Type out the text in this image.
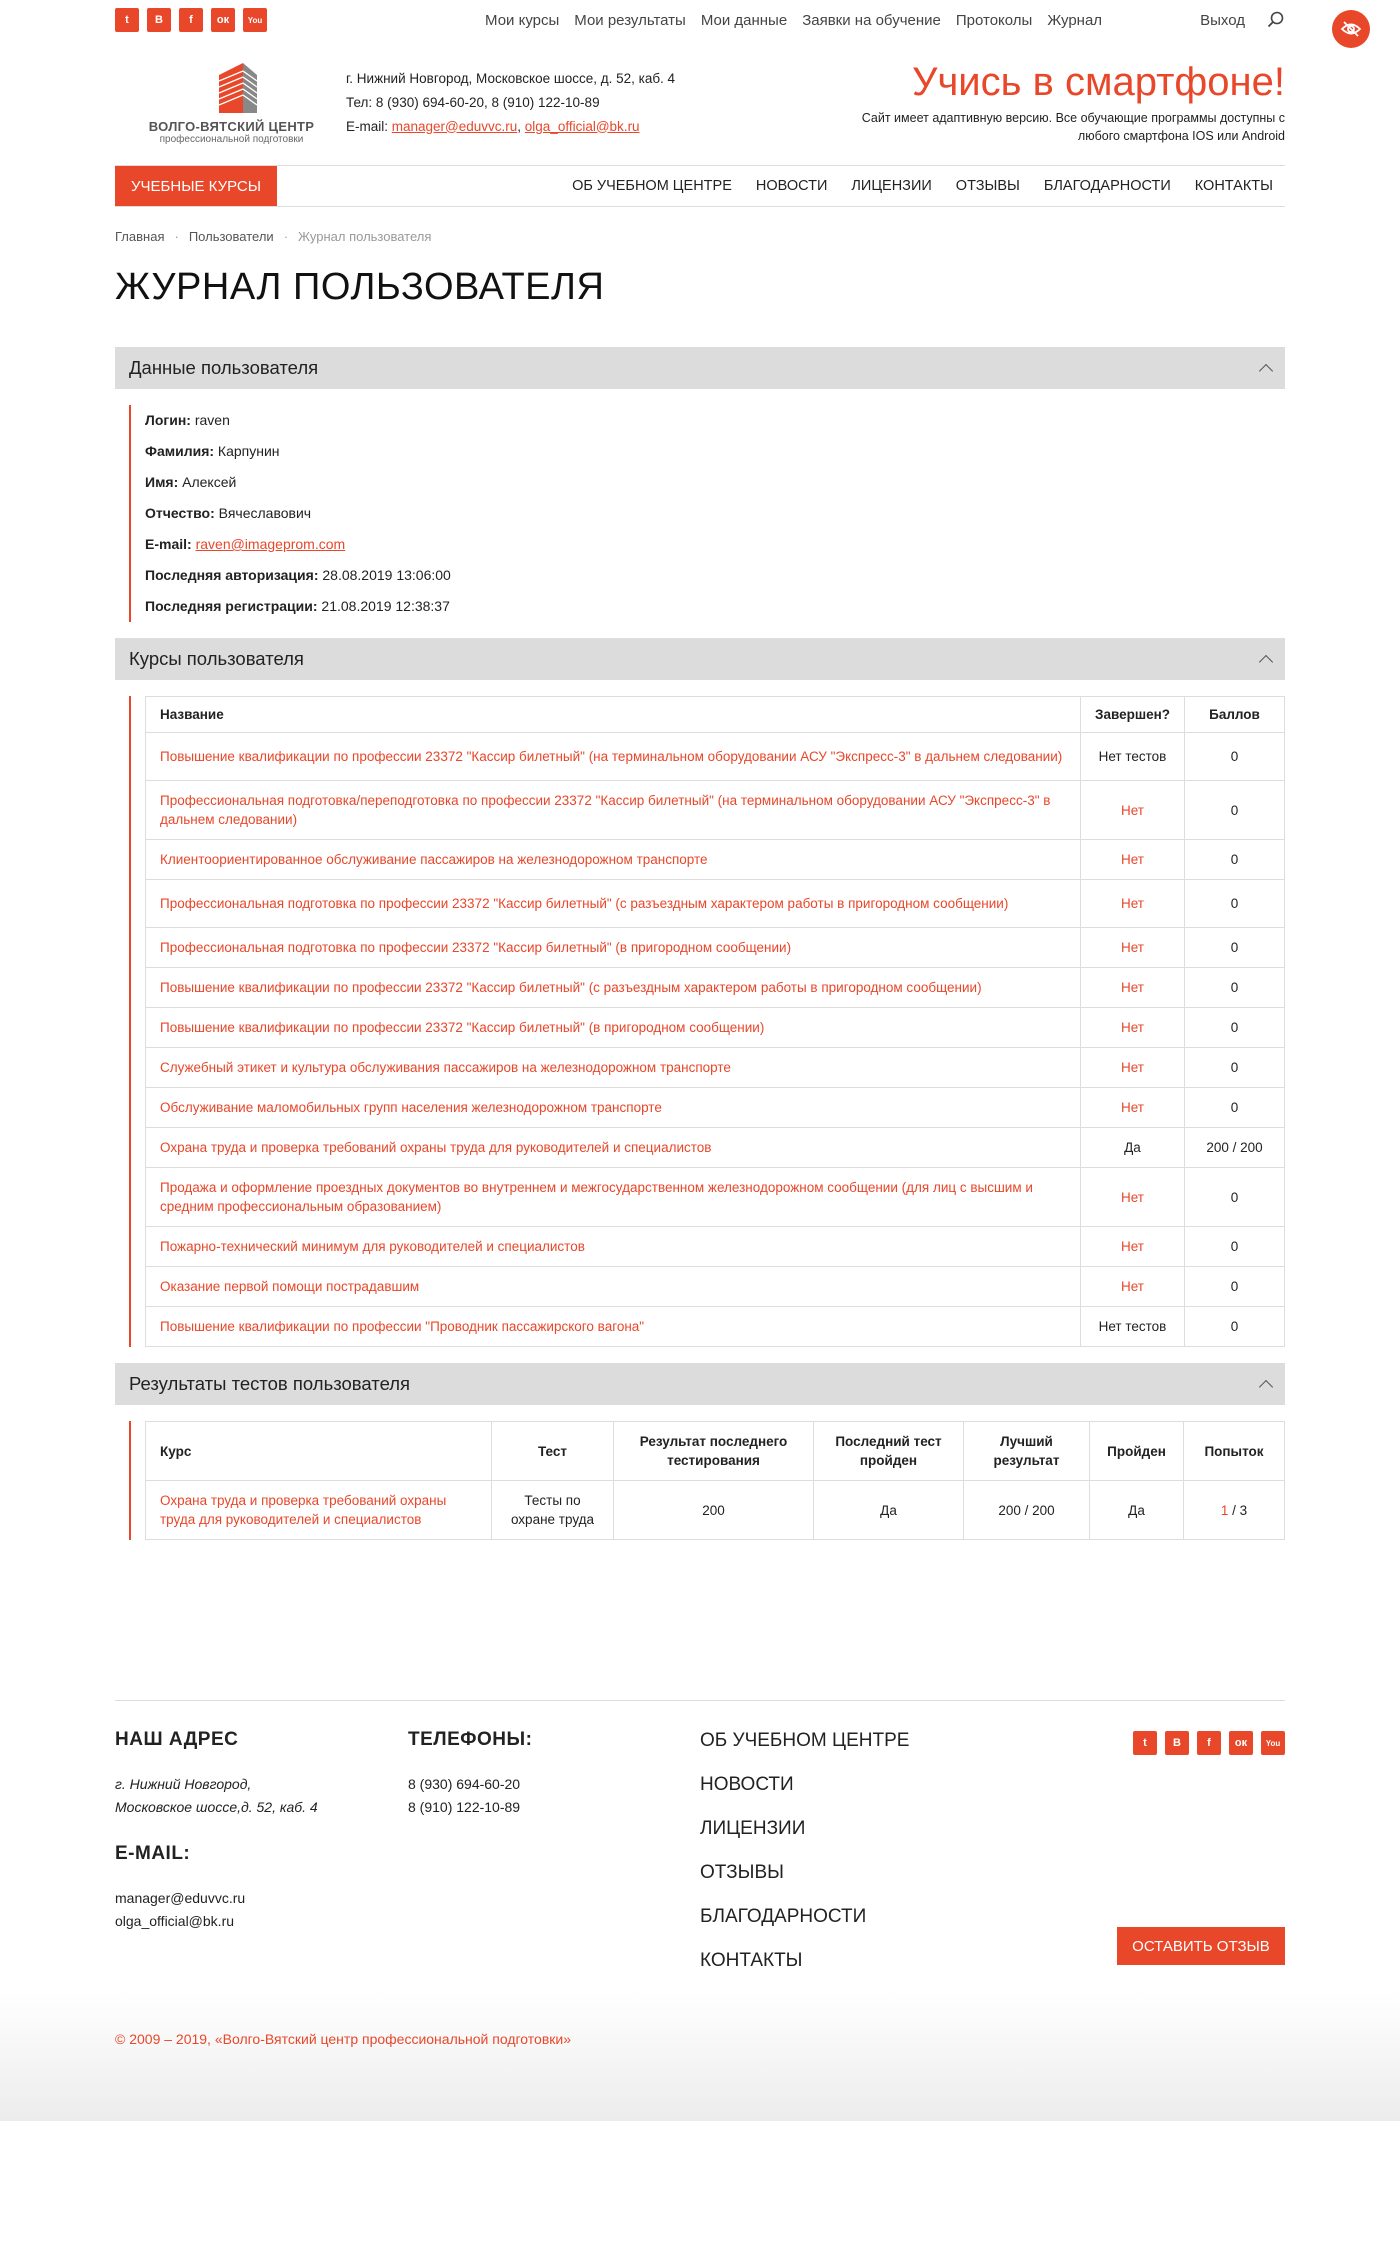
t	В	f	ок	You	Мои курсы Мои результаты Мои данные Заявки на обучение Протоколы Журнал	Выход
ВОЛГО-ВЯТСКИЙ ЦЕНТР
профессиональной подготовки
г. Нижний Новгород, Московское шоссе, д. 52, каб. 4
Тел: 8 (930) 694-60-20, 8 (910) 122-10-89
E-mail: manager@eduvvc.ru, olga_official@bk.ru
Учись в смартфоне!
Сайт имеет адаптивную версию. Все обучающие программы доступны с любого смартфона IOS или Android
УЧЕБНЫЕ КУРСЫ	ОБ УЧЕБНОМ ЦЕНТРЕ НОВОСТИ ЛИЦЕНЗИИ ОТЗЫВЫ БЛАГОДАРНОСТИ КОНТАКТЫ
Главная · Пользователи · Журнал пользователя
ЖУРНАЛ ПОЛЬЗОВАТЕЛЯ
Данные пользователя
Логин: raven
Фамилия: Карпунин
Имя: Алексей
Отчество: Вячеславович
E-mail: raven@imageprom.com
Последняя авторизация: 28.08.2019 13:06:00
Последняя регистрации: 21.08.2019 12:38:37
Курсы пользователя
Название	Завершен?	Баллов
Повышение квалификации по профессии 23372 "Кассир билетный" (на терминальном оборудовании АСУ "Экспресс-3" в дальнем следовании)	Нет тестов	0
Профессиональная подготовка/переподготовка по профессии 23372 "Кассир билетный" (на терминальном оборудовании АСУ "Экспресс-3" в дальнем следовании)	Нет	0
Клиентоориентированное обслуживание пассажиров на железнодорожном транспорте	Нет	0
Профессиональная подготовка по профессии 23372 "Кассир билетный" (с разъездным характером работы в пригородном сообщении)	Нет	0
Профессиональная подготовка по профессии 23372 "Кассир билетный" (в пригородном сообщении)	Нет	0
Повышение квалификации по профессии 23372 "Кассир билетный" (с разъездным характером работы в пригородном сообщении)	Нет	0
Повышение квалификации по профессии 23372 "Кассир билетный" (в пригородном сообщении)	Нет	0
Служебный этикет и культура обслуживания пассажиров на железнодорожном транспорте	Нет	0
Обслуживание маломобильных групп населения железнодорожном транспорте	Нет	0
Охрана труда и проверка требований охраны труда для руководителей и специалистов	Да	200 / 200
Продажа и оформление проездных документов во внутреннем и межгосударственном железнодорожном сообщении (для лиц с высшим и средним профессиональным образованием)	Нет	0
Пожарно-технический минимум для руководителей и специалистов	Нет	0
Оказание первой помощи пострадавшим	Нет	0
Повышение квалификации по профессии "Проводник пассажирского вагона"	Нет тестов	0
Результаты тестов пользователя
Курс	Тест	Результат последнего тестирования	Последний тест пройден	Лучший результат	Пройден	Попыток
Охрана труда и проверка требований охраны труда для руководителей и специалистов	Тесты по охране труда	200	Да	200 / 200	Да	1 / 3
НАШ АДРЕС
г. Нижний Новгород,
Московское шоссе,д. 52, каб. 4
E-MAIL:
manager@eduvvc.ru
olga_official@bk.ru
ТЕЛЕФОНЫ:
8 (930) 694-60-20
8 (910) 122-10-89
ОБ УЧЕБНОМ ЦЕНТРЕ
НОВОСТИ
ЛИЦЕНЗИИ
ОТЗЫВЫ
БЛАГОДАРНОСТИ
КОНТАКТЫ
t	В	f	ок	You
ОСТАВИТЬ ОТЗЫВ
© 2009 – 2019, «Волго-Вятский центр профессиональной подготовки»
